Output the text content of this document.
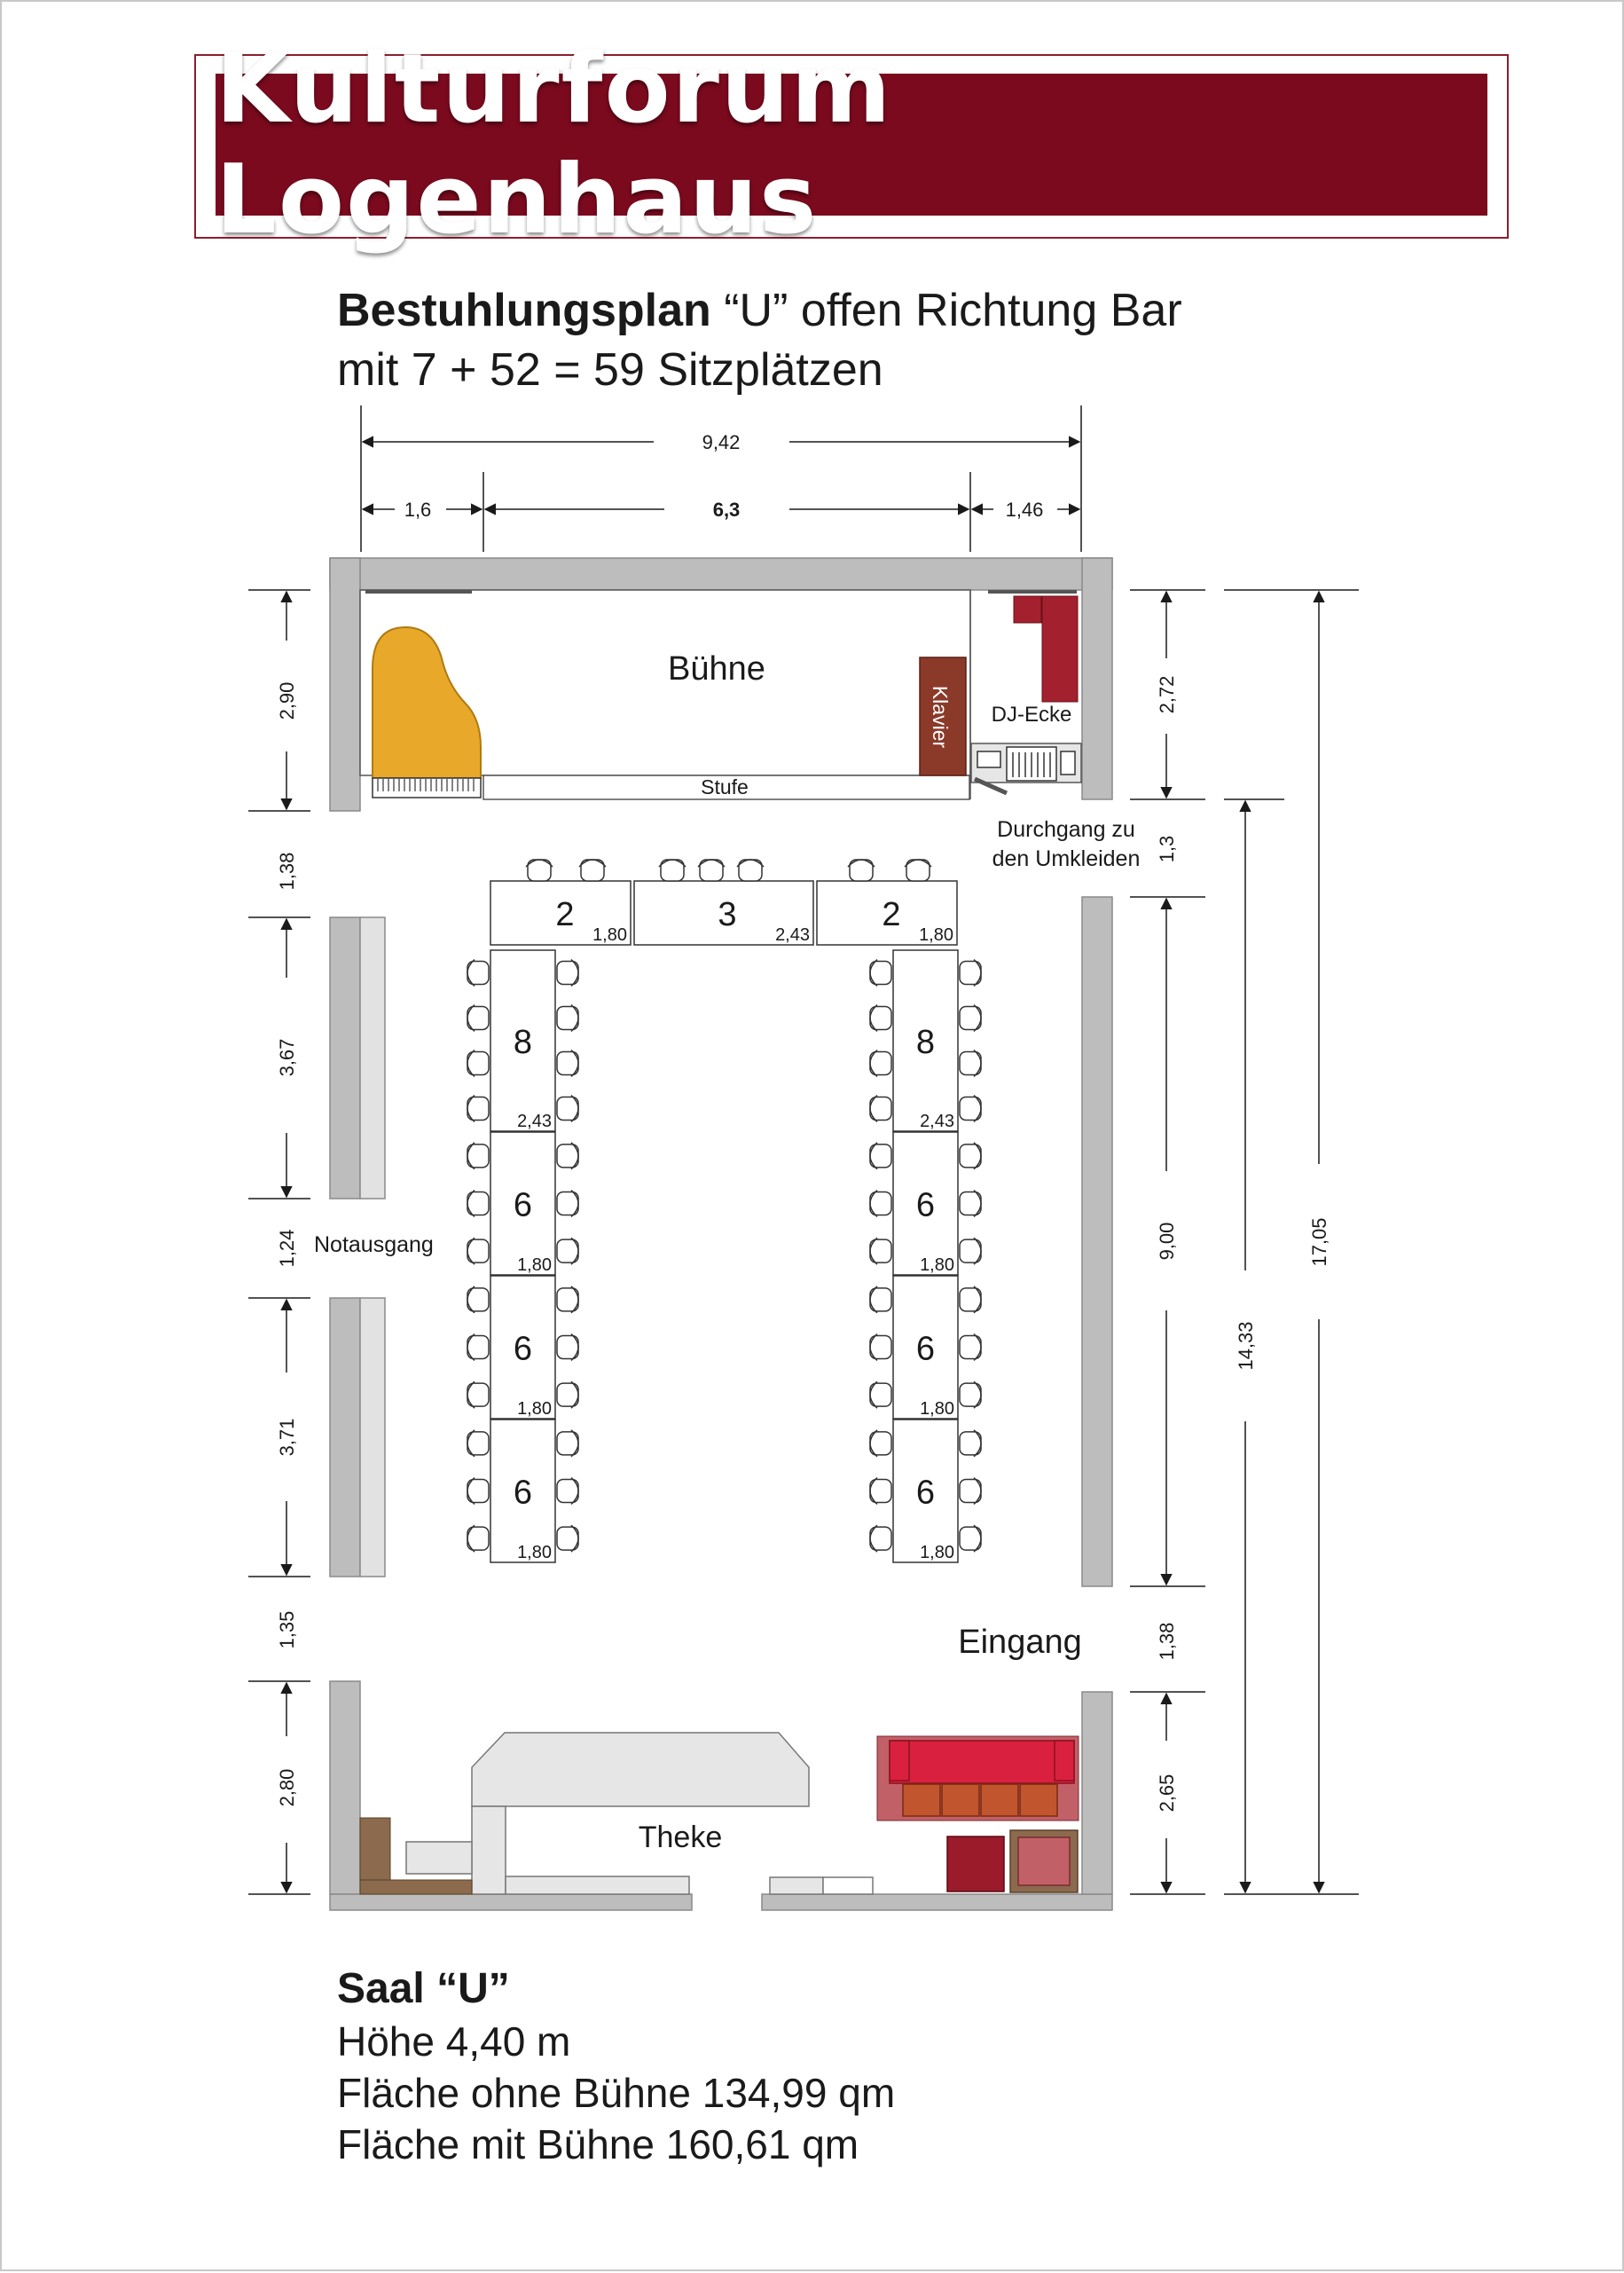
Kulturforum Logenhaus
Bestuhlungsplan “U” offen Richtung Bar
mit 7 + 52 = 59 Sitzplätzen
Stufe
Bühne
Klavier DJ-Ecke
2
1,80
3
2,43
2
1,80
8
2,43
6
1,80
6
1,80
6
1,80
8
2,43
6
1,80
6
1,80
6
1,80
Theke
Durchgang zu
den Umkleiden
Notausgang
Eingang
9,42
1,6	6,3	1,46
2,90
1,38
3,67
1,24
3,71
1,35
2,80
2,72
1,3
9,00
1,38
2,65
14,33
17,05
Saal “U”
Höhe 4,40 m
Fläche ohne Bühne 134,99 qm
Fläche mit Bühne 160,61 qm
